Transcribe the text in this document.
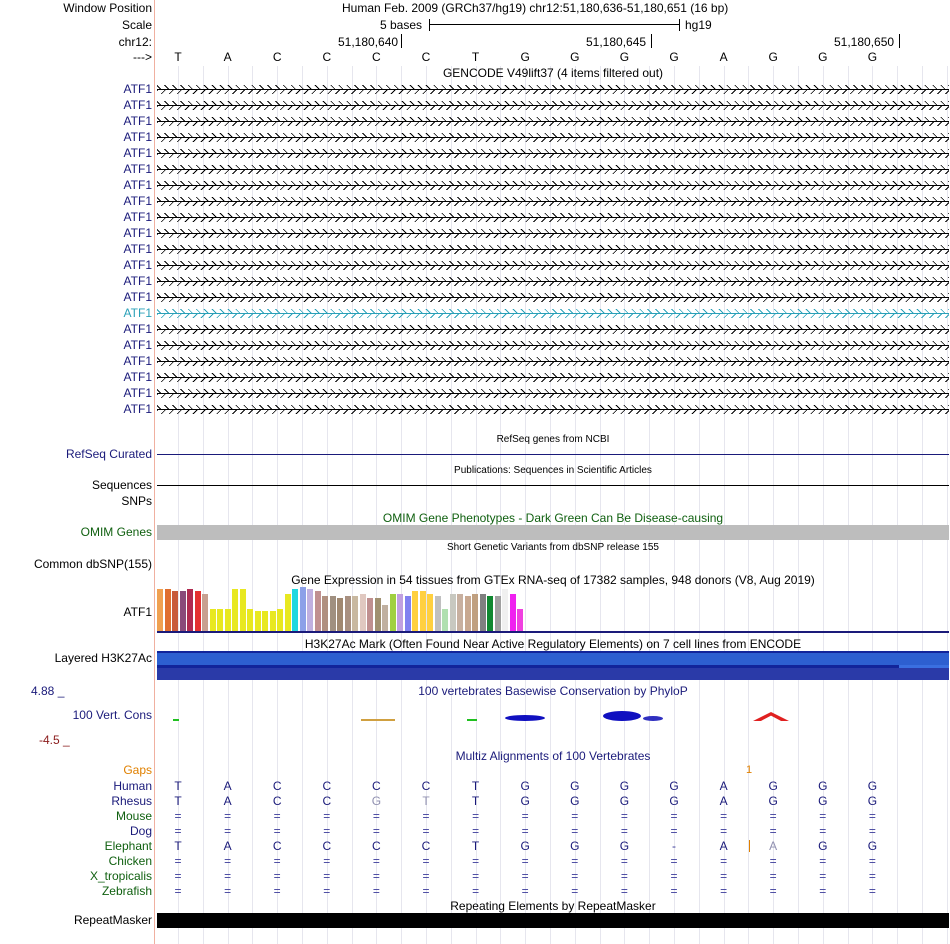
Window Position	Human Feb. 2009 (GRCh37/hg19) chr12:51,180,636-51,180,651 (16 bp)
Scale	5 bases	hg19
chr12:	51,180,640	51,180,645	51,180,650
--->	T	A	C	C	C	C	T	G	G	G	G	A	G	G	G
GENCODE V49lift37 (4 items filtered out)
ATF1
ATF1
ATF1
ATF1
ATF1
ATF1
ATF1
ATF1
ATF1
ATF1
ATF1
ATF1
ATF1
ATF1
ATF1
ATF1
ATF1
ATF1
ATF1
ATF1
ATF1
RefSeq genes from NCBI
RefSeq Curated
Publications: Sequences in Scientific Articles
Sequences
SNPs
OMIM Gene Phenotypes - Dark Green Can Be Disease-causing
OMIM Genes
Short Genetic Variants from dbSNP release 155
Common dbSNP(155)
Gene Expression in 54 tissues from GTEx RNA-seq of 17382 samples, 948 donors (V8, Aug 2019)
ATF1
H3K27Ac Mark (Often Found Near Active Regulatory Elements) on 7 cell lines from ENCODE
Layered H3K27Ac
4.88 _	100 vertebrates Basewise Conservation by PhyloP
100 Vert. Cons
-4.5 _
Multiz Alignments of 100 Vertebrates
Gaps	1
Human	T	A	C	C	C	C	T	G	G	G	G	A	G	G	G
Rhesus	T	A	C	C	G	T	T	G	G	G	G	A	G	G	G
Mouse	=	=	=	=	=	=	=	=	=	=	=	=	=	=	=
Dog	=	=	=	=	=	=	=	=	=	=	=	=	=	=	=
Elephant	T	A	C	C	C	C	T	G	G	G	-	A	A	G	G
Chicken	=	=	=	=	=	=	=	=	=	=	=	=	=	=	=
X_tropicalis	=	=	=	=	=	=	=	=	=	=	=	=	=	=	=
Zebrafish	=	=	=	=	=	=	=	=	=	=	=	=	=	=	=
Repeating Elements by RepeatMasker
RepeatMasker
